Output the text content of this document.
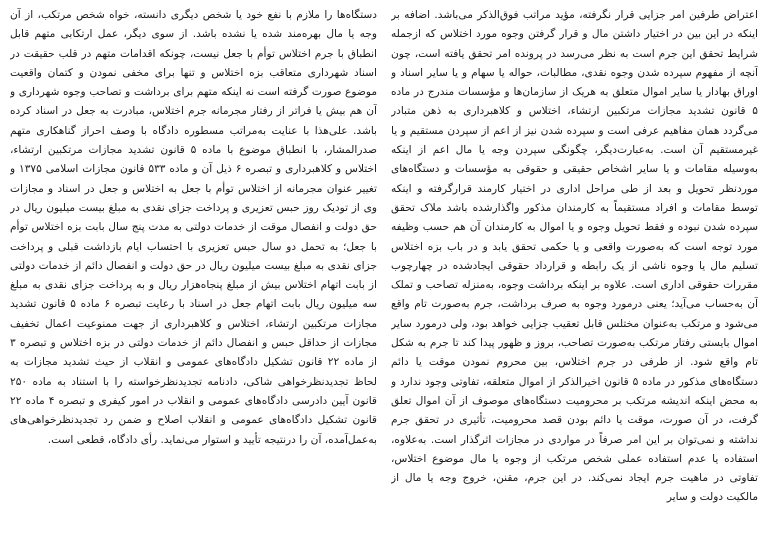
اعتراض طرفین امر جزایی قرار نگرفته، مؤید مراتب فوق‌الذکر می‌باشد. اضافه بر اینکه در این بین در اختیار داشتن مال و قرار گرفتن وجوه مورد اختلاس که ازجمله شرایط تحقق این جرم است به نظر می‌رسد در پرونده امر تحقق یافته است، چون آنچه از مفهوم سپرده شدن وجوه نقدی، مطالبات، حواله یا سهام و یا سایر اسناد و اوراق بهادار یا سایر اموال متعلق به هریک از سازمان‌ها و مؤسسات مندرج در ماده ۵ قانون تشدید مجازات مرتکبین ارتشاء، اختلاس و کلاهبرداری به ذهن متبادر می‌گردد همان مفاهیم عرفی است و سپرده شدن نیز از اعم از سپردن مستقیم و یا غیرمستقیم آن است. به‌عبارت‌دیگر، چگونگی سپردن وجه یا مال اعم از اینکه به‌وسیله مقامات و یا سایر اشخاص حقیقی و حقوقی به مؤسسات و دستگاه‌های موردنظر تحویل و بعد از طی مراحل اداری در اختیار کارمند قرارگرفته و اینکه توسط مقامات و افراد مستقیماً به کارمندان مذکور واگذارشده باشد ملاک تحقق سپرده شدن نبوده و فقط تحویل وجوه و یا اموال به کارمندان آن هم حسب وظیفه مورد توجه است که به‌صورت واقعی و یا حکمی تحقق یابد و در باب بزه اختلاس تسلیم مال یا وجوه ناشی از یک رابطه و قرارداد حقوقی ایجادشده در چهارچوب مقررات حقوقی اداری است. علاوه بر اینکه برداشت وجوه، به‌منزله تصاحب و تملک آن به‌حساب می‌آید؛ یعنی درمورد وجوه به صرف برداشت، جرم به‌صورت تام واقع می‌شود و مرتکب به‌عنوان مختلس قابل تعقیب جزایی خواهد بود، ولی درمورد سایر اموال بایستی رفتار مرتکب به‌صورت تصاحب، بروز و ظهور پیدا کند تا جرم به شکل تام واقع شود. از طرفی در جرم اختلاس، بین محروم نمودن موقت یا دائم دستگاه‌های مذکور در ماده ۵ قانون اخیرالذکر از اموال متعلقه، تفاوتی وجود ندارد و به محض اینکه اندیشه مرتکب بر محرومیت دستگاه‌های موصوف از آن اموال تعلق گرفت، در آن صورت، موقت یا دائم بودن قصد محرومیت، تأثیری در تحقق جرم نداشته و نمی‌توان بر این امر صرفاً در مواردی در مجازات اثرگذار است. به‌علاوه، استفاده یا عدم استفاده عملی شخص مرتکب از وجوه یا مال موضوع اختلاس، تفاوتی در ماهیت جرم ایجاد نمی‌کند. در این جرم، مقنن، خروج وجه یا مال از مالکیت دولت و سایر

دستگاه‌ها را ملازم با نفع خود یا شخص دیگری دانسته، خواه شخص مرتکب، از آن وجه یا مال بهره‌مند شده یا نشده باشد. از سوی دیگر، عمل ارتکابی متهم قابل انطباق با جرم اختلاس توأم با جعل نیست، چونکه اقدامات متهم در قلب حقیقت در اسناد شهرداری متعاقب بزه اختلاس و تنها برای مخفی نمودن و کتمان واقعیت موضوع صورت گرفته است نه اینکه متهم برای برداشت و تصاحب وجوه شهرداری و آن هم بیش یا فراتر از رفتار مجرمانه جرم اختلاس، مبادرت به جعل در اسناد کرده باشد. علی‌هذا با عنایت به‌مراتب مسطوره دادگاه با وصف احراز گناهکاری متهم صدرالمشار، با انطباق موضوع با ماده ۵ قانون تشدید مجازات مرتکبین ارتشاء، اختلاس و کلاهبرداری و تبصره ۶ ذیل آن و ماده ۵۳۳ قانون مجازات اسلامی ۱۳۷۵ و تغییر عنوان مجرمانه از اختلاس توأم با جعل به اختلاس و جعل در اسناد و مجازات وی از تودیک روز حبس تعزیری و پرداخت جزای نقدی به مبلغ بیست میلیون ریال در حق دولت و انفصال موقت از خدمات دولتی به مدت پنج سال بابت بزه اختلاس توأم با جعل؛ به تحمل دو سال حبس تعزیری با احتساب ایام بازداشت قبلی و پرداخت جزای نقدی به مبلغ بیست میلیون ریال در حق دولت و انفصال دائم از خدمات دولتی از بابت اتهام اختلاس بیش از مبلغ پنجاه‌هزار ریال و به پرداخت جزای نقدی به مبلغ سه میلیون ریال بابت اتهام جعل در اسناد با رعایت تبصره ۶ ماده ۵ قانون تشدید مجازات مرتکبین ارتشاء، اختلاس و کلاهبرداری از جهت ممنوعیت اعمال تخفیف مجازات از حداقل حبس و انفصال دائم از خدمات دولتی در بزه اختلاس و تبصره ۳ از ماده ۲۲ قانون تشکیل دادگاه‌های عمومی و انقلاب از حیث تشدید مجازات به لحاظ تجدیدنظرخواهی شاکی، دادنامه تجدیدنظرخواسته را با استناد به ماده ۲۵۰ قانون آیین دادرسی دادگاه‌های عمومی و انقلاب در امور کیفری و تبصره ۴ ماده ۲۲ قانون تشکیل دادگاه‌های عمومی و انقلاب اصلاح و ضمن رد تجدیدنظرخواهی‌های به‌عمل‌آمده، آن را درنتیجه تأیید و استوار می‌نماید. رأی دادگاه، قطعی است.
